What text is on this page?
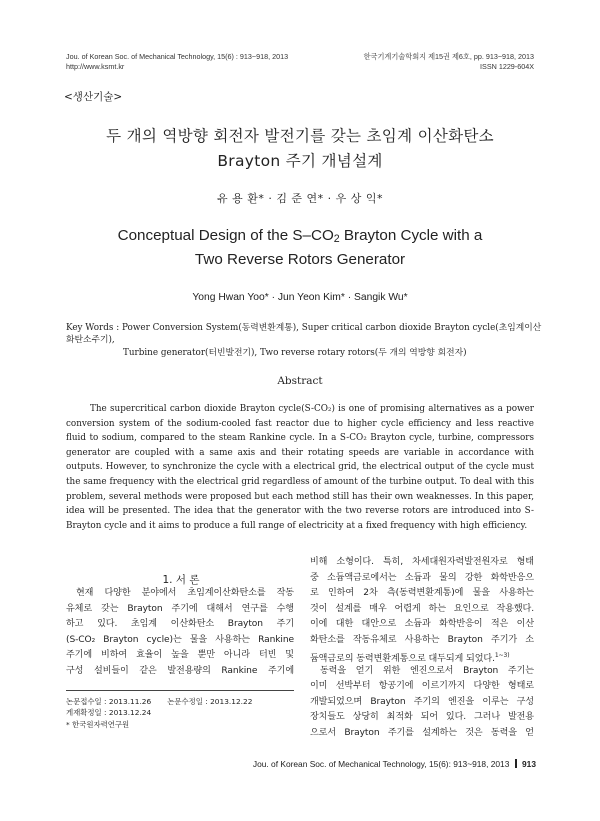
Jou. of Korean Soc. of Mechanical Technology, 15(6) : 913~918, 2013
http://www.ksmt.kr
한국기계기술학회지 제15권 제6호, pp. 913~918, 2013
ISSN 1229-604X
<생산기술>
두 개의 역방향 회전자 발전기를 갖는 초임계 이산화탄소
Brayton 주기 개념설계
유 용 환* · 김 준 연* · 우 상 익*
Conceptual Design of the $S-CO_2$ Brayton Cycle with a
Two Reverse Rotors Generator
Yong Hwan Yoo* · Jun Yeon Kim* · Sangik Wu*
Key Words : Power Conversion System(동력변환계통), Super critical carbon dioxide Brayton cycle(초임계이산화탄소주기),
Turbine generator(터빈발전기), Two reverse rotary rotors(두 개의 역방향 회전자)
Abstract
The supercritical carbon dioxide Brayton cycle(S-CO₂) is one of promising alternatives as a power
conversion system of the sodium-cooled fast reactor due to higher cycle efficiency and less reactive
fluid to sodium, compared to the steam Rankine cycle. In a S-CO₂ Brayton cycle, turbine, compressors
generator are coupled with a same axis and their rotating speeds are variable in accordance with
outputs. However, to synchronize the cycle with a electrical grid, the electrical output of the cycle must
the same frequency with the electrical grid regardless of amount of the turbine output. To deal with this
problem, several methods were proposed but each method still has their own weaknesses. In this paper,
idea will be presented. The idea that the generator with the two reverse rotors are introduced into S-
Brayton cycle and it aims to produce a full range of electricity at a fixed frequency with high efficiency.
1. 서 론
현재 다양한 분야에서 초임계이산화탄소를 작동
유체로 갖는 Brayton 주기에 대해서 연구를 수행
하고 있다. 초임계 이산화탄소 Brayton 주기
(S-CO₂ Brayton cycle)는 물을 사용하는 Rankine
주기에 비하여 효율이 높을 뿐만 아니라 터빈 및
구성 설비들이 같은 발전용량의 Rankine 주기에
논문접수일 : 2013.11.26 논문수정일 : 2013.12.22
게재확정일 : 2013.12.24
* 한국원자력연구원
비해 소형이다. 특히, 차세대원자력발전원자로 형태
중 소듐액금로에서는 소듐과 물의 강한 화학반응으
로 인하여 2차 측(동력변환계통)에 물을 사용하는
것이 설계를 매우 어렵게 하는 요인으로 작용했다.
이에 대한 대안으로 소듐과 화학반응이 적은 이산
화탄소를 작동유체로 사용하는 Brayton 주기가 소
듐액금로의 동력변환계통으로 대두되게 되었다.$^{1\sim 3)}$
동력을 얻기 위한 엔진으로서 Brayton 주기는
이미 선박부터 항공기에 이르기까지 다양한 형태로
개발되었으며 Brayton 주기의 엔진을 이루는 구성
장치들도 상당히 최적화 되어 있다. 그러나 발전용
으로서 Brayton 주기를 설계하는 것은 동력을 얻
Jou. of Korean Soc. of Mechanical Technology, 15(6): 913~918, 2013 913
